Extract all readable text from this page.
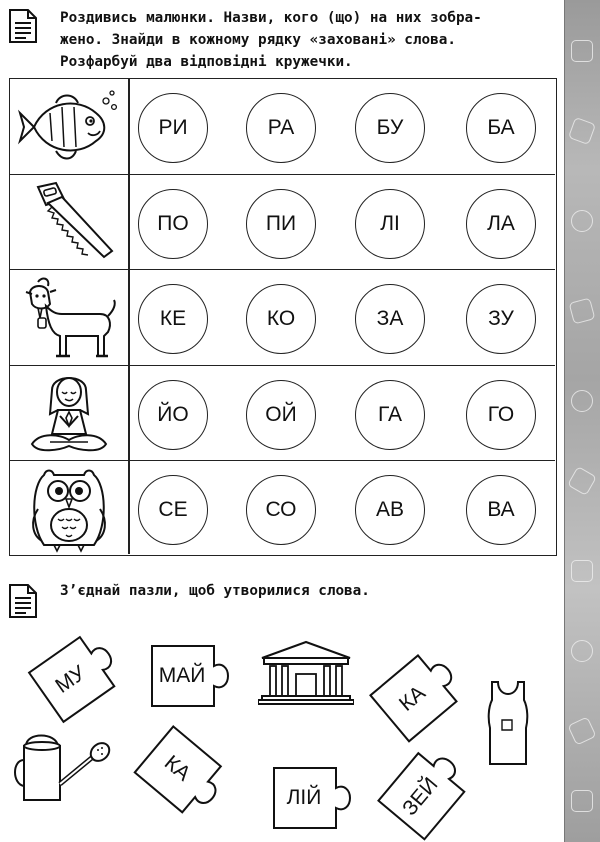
Роздивись малюнки. Назви, кого (що) на них зобра-
жено. Знайди в кожному рядку «заховані» слова.
Розфарбуй два відповідні кружечки.
РИ	РА	БУ	БА
ПО	ПИ	ЛІ	ЛА
КЕ	КО	ЗА	ЗУ
ЙО	ОЙ	ГА	ГО
СЕ	СО	АВ	ВА
З’єднай пазли, щоб утворилися слова.
МУ	МАЙ
КА
КА
ЛІЙ	ЗЕЙ
